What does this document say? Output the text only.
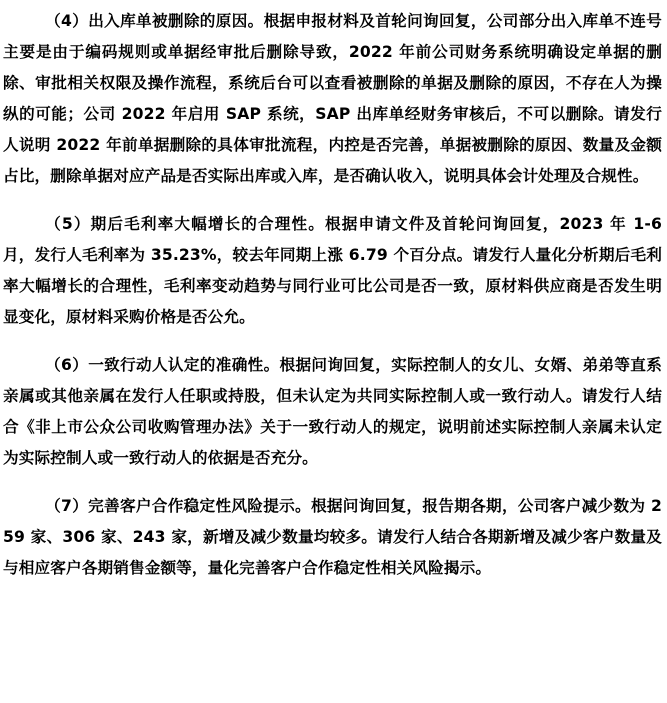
（4）出入库单被删除的原因。根据申报材料及首轮问询回复，公司部分出入库单不连号主要是由于编码规则或单据经审批后删除导致，2022 年前公司财务系统明确设定单据的删除、审批相关权限及操作流程，系统后台可以查看被删除的单据及删除的原因，不存在人为操纵的可能；公司 2022 年启用 SAP 系统，SAP 出库单经财务审核后，不可以删除。请发行人说明 2022 年前单据删除的具体审批流程，内控是否完善，单据被删除的原因、数量及金额占比，删除单据对应产品是否实际出库或入库，是否确认收入，说明具体会计处理及合规性。

（5）期后毛利率大幅增长的合理性。根据申请文件及首轮问询回复，2023 年 1-6 月，发行人毛利率为 35.23%，较去年同期上涨 6.79 个百分点。请发行人量化分析期后毛利率大幅增长的合理性，毛利率变动趋势与同行业可比公司是否一致，原材料供应商是否发生明显变化，原材料采购价格是否公允。

（6）一致行动人认定的准确性。根据问询回复，实际控制人的女儿、女婿、弟弟等直系亲属或其他亲属在发行人任职或持股，但未认定为共同实际控制人或一致行动人。请发行人结合《非上市公众公司收购管理办法》关于一致行动人的规定，说明前述实际控制人亲属未认定为实际控制人或一致行动人的依据是否充分。

（7）完善客户合作稳定性风险提示。根据问询回复，报告期各期，公司客户减少数为 259 家、306 家、243 家，新增及减少数量均较多。请发行人结合各期新增及减少客户数量及与相应客户各期销售金额等，量化完善客户合作稳定性相关风险揭示。
